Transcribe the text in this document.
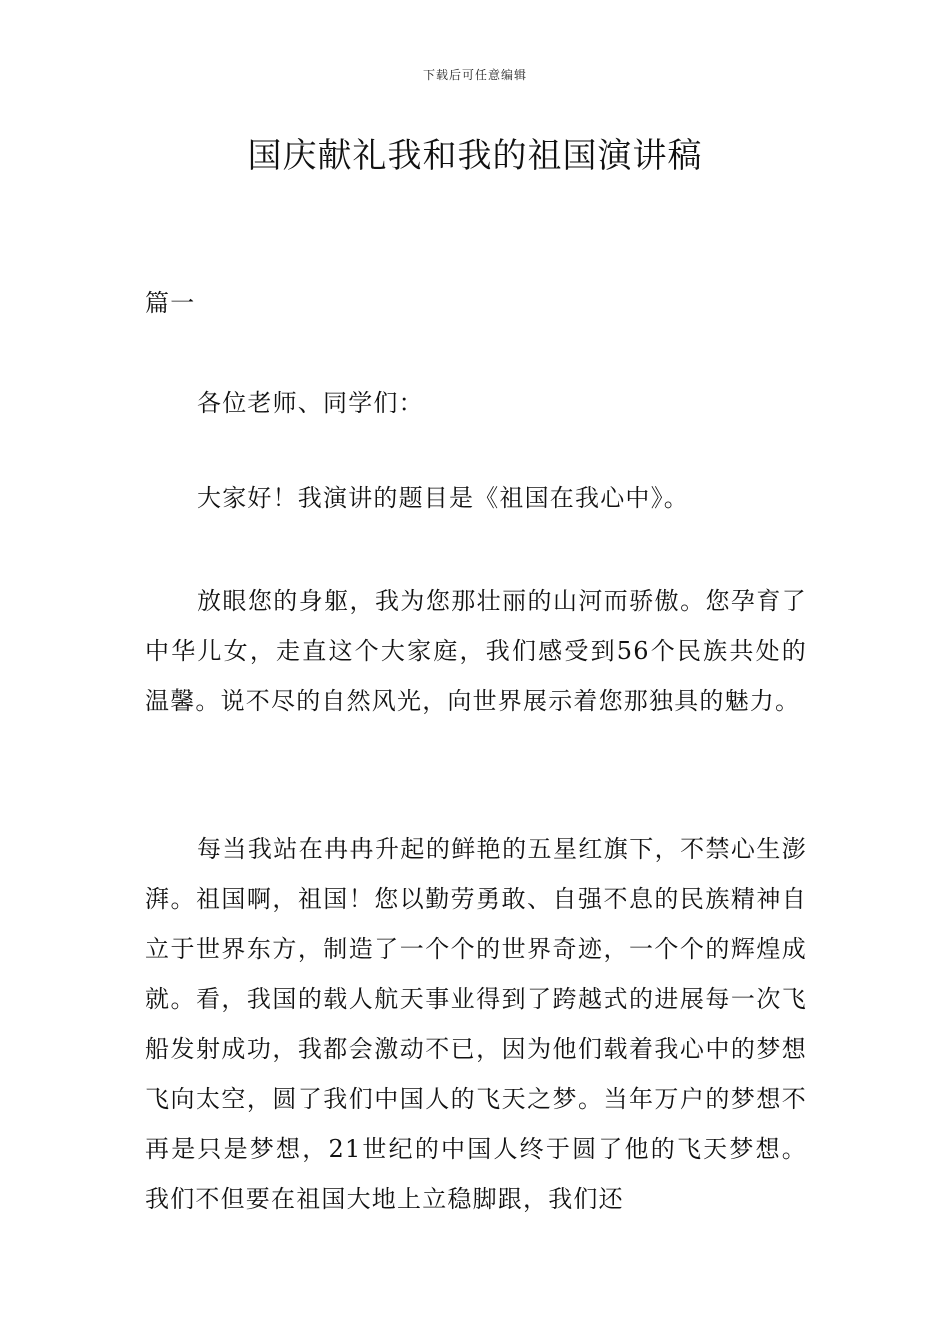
下载后可任意编辑
国庆献礼我和我的祖国演讲稿

篇一

各位老师、同学们：

大家好！我演讲的题目是《祖国在我心中》。

放眼您的身躯，我为您那壮丽的山河而骄傲。您孕育了中华儿女，走直这个大家庭，我们感受到56个民族共处的温馨。说不尽的自然风光，向世界展示着您那独具的魅力。

每当我站在冉冉升起的鲜艳的五星红旗下，不禁心生澎湃。祖国啊，祖国！您以勤劳勇敢、自强不息的民族精神自立于世界东方，制造了一个个的世界奇迹，一个个的辉煌成就。看，我国的载人航天事业得到了跨越式的进展每一次飞船发射成功，我都会激动不已，因为他们载着我心中的梦想飞向太空，圆了我们中国人的飞天之梦。当年万户的梦想不再是只是梦想，21世纪的中国人终于圆了他的飞天梦想。我们不但要在祖国大地上立稳脚跟，我们还
